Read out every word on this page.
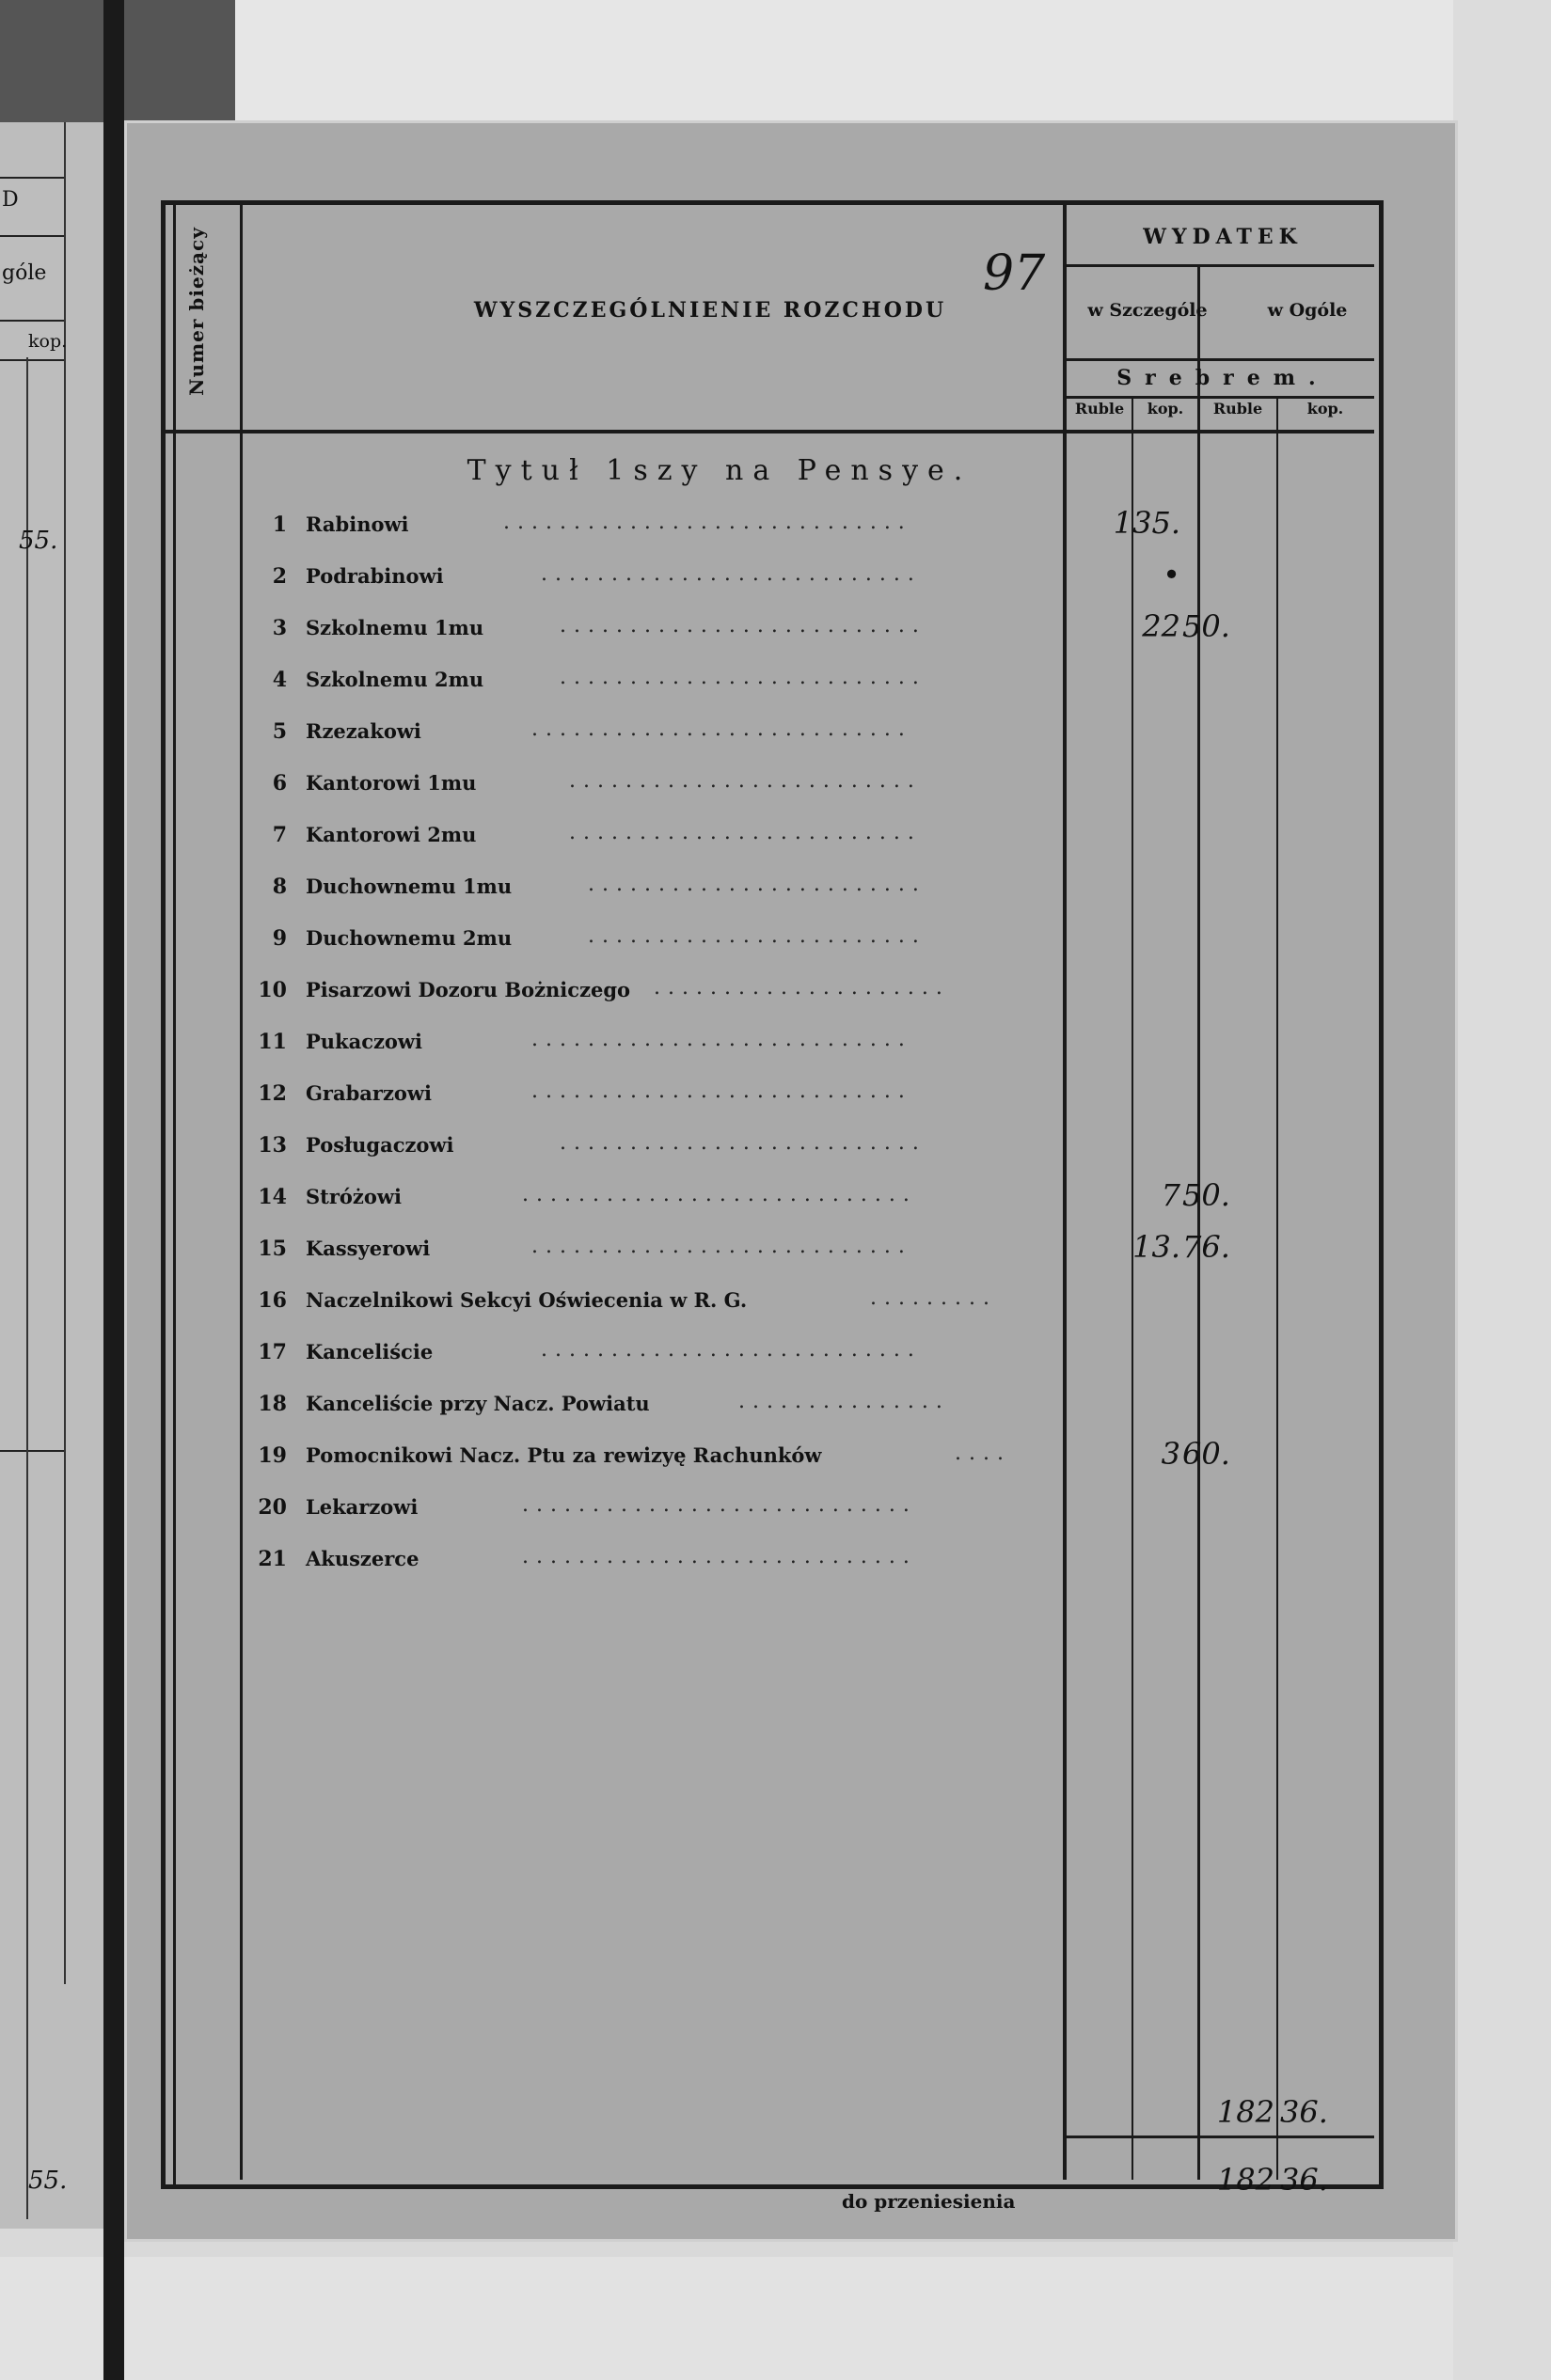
D
góle
kop.
55.
55.
Numer bieżący	WYSZCZEGÓLNIENIE ROZCHODU
97
WYDATEK
w Szczególe	w Ogóle
Srebrem.
Ruble	kop.	Ruble	kop.
Tytuł 1szy na Pensye.
1 Rabinowi	.............................	135.
2 Podrabinowi	...........................	•
3 Szkolnemu 1mu	..........................	22 50.
4 Szkolnemu 2mu	..........................
5 Rzezakowi	...........................
6 Kantorowi 1mu	.........................
7 Kantorowi 2mu	.........................
8 Duchownemu 1mu	........................
9 Duchownemu 2mu	........................
10 Pisarzowi Dozoru Bożniczego .....................
11 Pukaczowi	...........................
12 Grabarzowi	...........................
13 Posługaczowi	..........................
14 Stróżowi	............................	7 50.
15 Kassyerowi	...........................	13. 76.
16 Naczelnikowi Sekcyi Oświecenia w R. G.	.........
17 Kanceliście	...........................
18 Kanceliście przy Nacz. Powiatu	...............
19 Pomocnikowi Nacz. Ptu za rewizyę Rachunków	....	3 60.
20 Lekarzowi	............................
21 Akuszerce	............................
182 36.
do przeniesienia
182 36.
